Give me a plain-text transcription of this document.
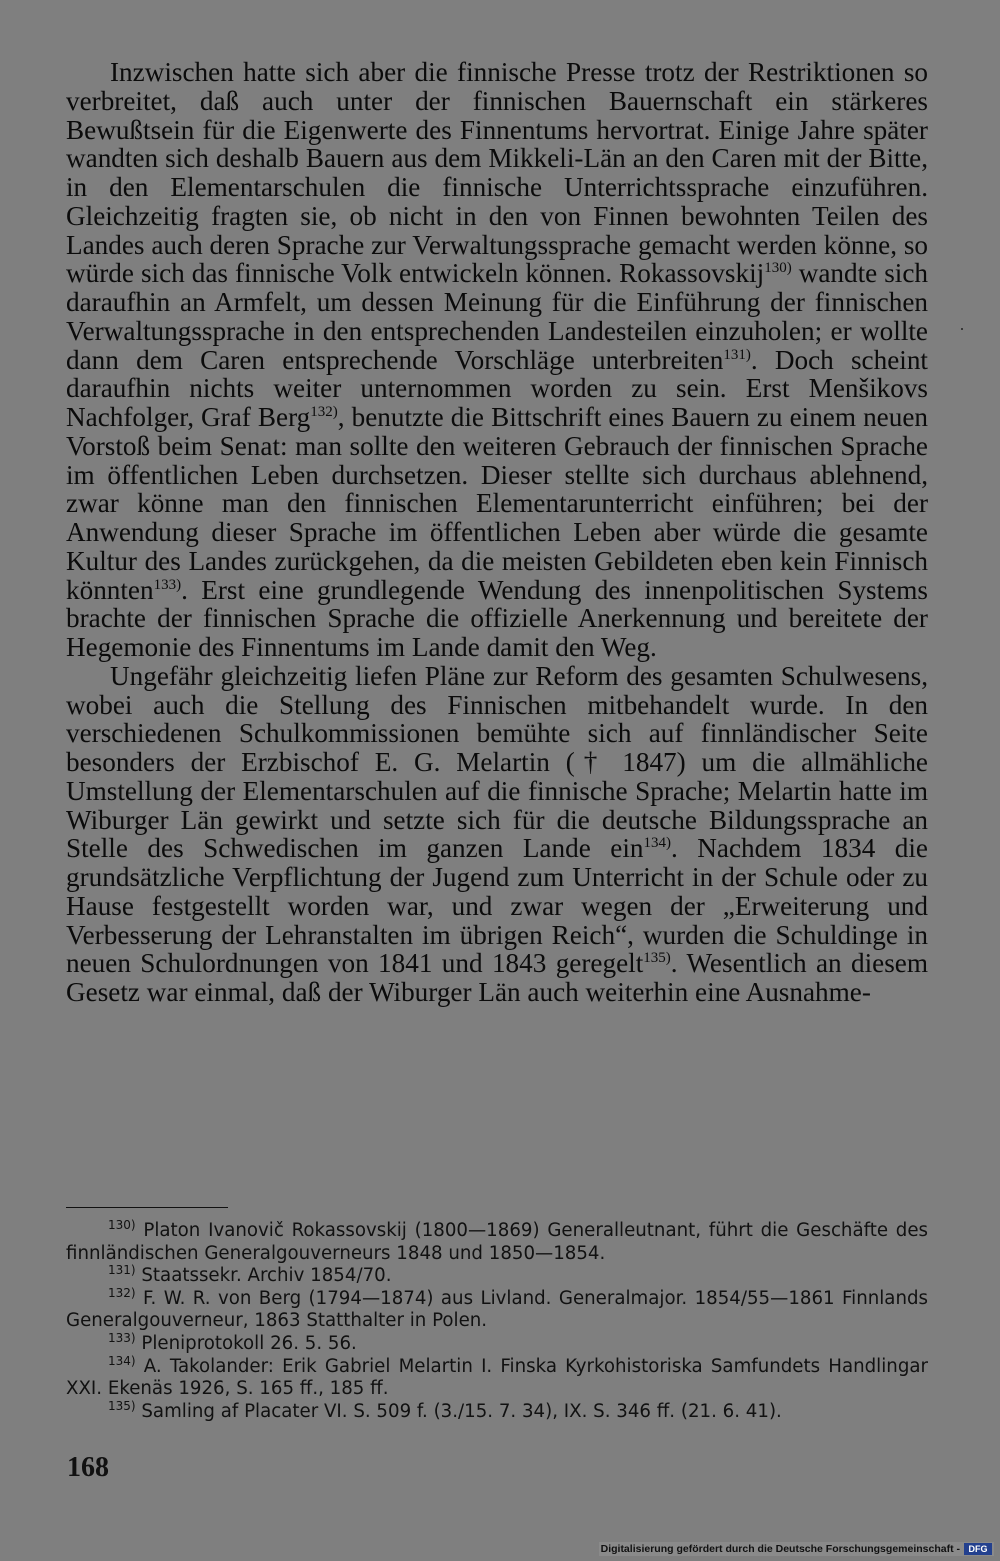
Inzwischen hatte sich aber die finnische Presse trotz der Restriktionen so verbreitet, daß auch unter der finnischen Bauernschaft ein stärkeres Bewußtsein für die Eigenwerte des Finnentums hervortrat. Einige Jahre später wandten sich deshalb Bauern aus dem Mikkeli-Län an den Caren mit der Bitte, in den Elementarschulen die finnische Unterrichtssprache einzuführen. Gleichzeitig fragten sie, ob nicht in den von Finnen bewohnten Teilen des Landes auch deren Sprache zur Verwaltungssprache gemacht werden könne, so würde sich das finnische Volk entwickeln können. Rokassovskij$^{130)}$ wandte sich daraufhin an Armfelt, um dessen Meinung für die Einführung der finnischen Verwaltungssprache in den entsprechenden Landesteilen einzuholen; er wollte dann dem Caren entsprechende Vorschläge unterbreiten$^{131)}$. Doch scheint daraufhin nichts weiter unternommen worden zu sein. Erst Menšikovs Nachfolger, Graf Berg$^{132)}$, benutzte die Bittschrift eines Bauern zu einem neuen Vorstoß beim Senat: man sollte den weiteren Gebrauch der finnischen Sprache im öffentlichen Leben durchsetzen. Dieser stellte sich durchaus ablehnend, zwar könne man den finnischen Elementarunterricht einführen; bei der Anwendung dieser Sprache im öffentlichen Leben aber würde die gesamte Kultur des Landes zurückgehen, da die meisten Gebildeten eben kein Finnisch könnten$^{133)}$. Erst eine grundlegende Wendung des innenpolitischen Systems brachte der finnischen Sprache die offizielle Anerkennung und bereitete der Hegemonie des Finnentums im Lande damit den Weg.

Ungefähr gleichzeitig liefen Pläne zur Reform des gesamten Schulwesens, wobei auch die Stellung des Finnischen mitbehandelt wurde. In den verschiedenen Schulkommissionen bemühte sich auf finnländischer Seite besonders der Erzbischof E. G. Melartin († 1847) um die allmähliche Umstellung der Elementarschulen auf die finnische Sprache; Melartin hatte im Wiburger Län gewirkt und setzte sich für die deutsche Bildungssprache an Stelle des Schwedischen im ganzen Lande ein$^{134)}$. Nachdem 1834 die grundsätzliche Verpflichtung der Jugend zum Unterricht in der Schule oder zu Hause festgestellt worden war, und zwar wegen der „Erweiterung und Verbesserung der Lehranstalten im übrigen Reich“, wurden die Schuldinge in neuen Schulordnungen von 1841 und 1843 geregelt$^{135)}$. Wesentlich an diesem Gesetz war einmal, daß der Wiburger Län auch weiterhin eine Ausnahme-

$^{130)}$ Platon Ivanovič Rokassovskij (1800—1869) Generalleutnant, führt die Geschäfte des finnländischen Generalgouverneurs 1848 und 1850—1854.

$^{131)}$ Staatssekr. Archiv 1854/70.

$^{132)}$ F. W. R. von Berg (1794—1874) aus Livland. Generalmajor. 1854/55—1861 Finnlands Generalgouverneur, 1863 Statthalter in Polen.

$^{133)}$ Pleniprotokoll 26. 5. 56.

$^{134)}$ A. Takolander: Erik Gabriel Melartin I. Finska Kyrkohistoriska Samfundets Handlingar XXI. Ekenäs 1926, S. 165 ff., 185 ff.

$^{135)}$ Samling af Placater VI. S. 509 f. (3./15. 7. 34), IX. S. 346 ff. (21. 6. 41).

168
Digitalisierung gefördert durch die Deutsche Forschungsgemeinschaft - DFG
